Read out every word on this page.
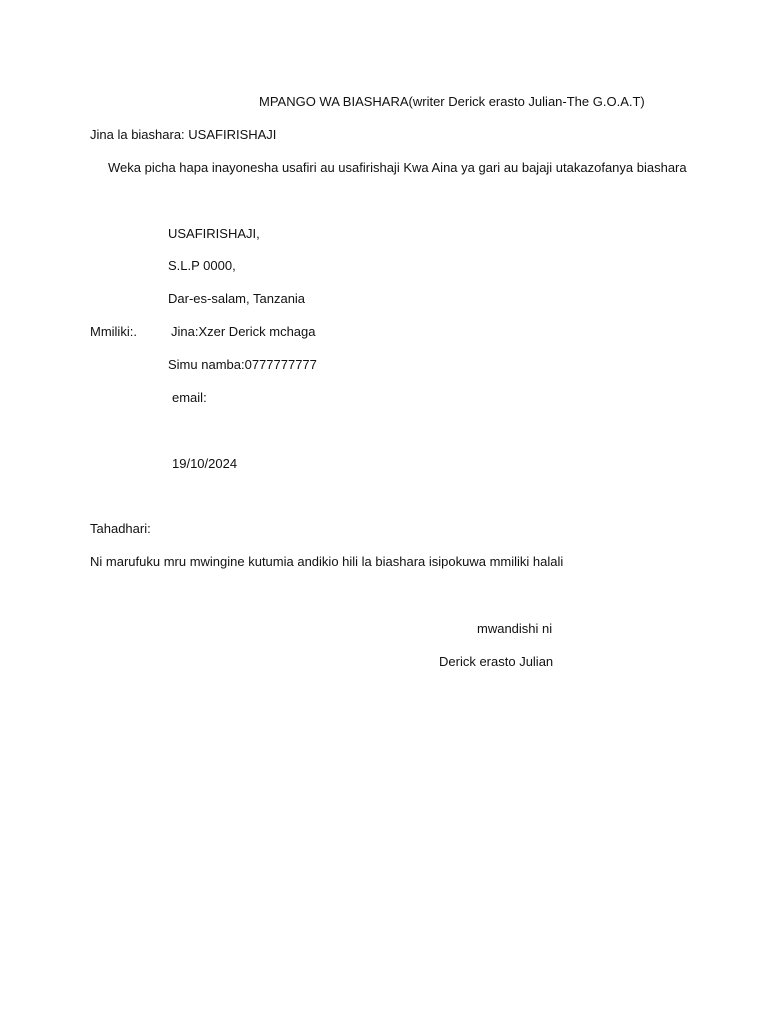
MPANGO WA BIASHARA(writer Derick erasto Julian-The G.O.A.T)
Jina la biashara: USAFIRISHAJI
Weka picha hapa inayonesha usafiri au usafirishaji Kwa Aina ya gari au bajaji utakazofanya biashara
USAFIRISHAJI,
S.L.P 0000,
Dar-es-salam, Tanzania
Mmiliki:.	Jina:Xzer Derick mchaga
Simu namba:0777777777
email:
19/10/2024
Tahadhari:
Ni marufuku mru mwingine kutumia andikio hili la biashara isipokuwa mmiliki halali
mwandishi ni
Derick erasto Julian
